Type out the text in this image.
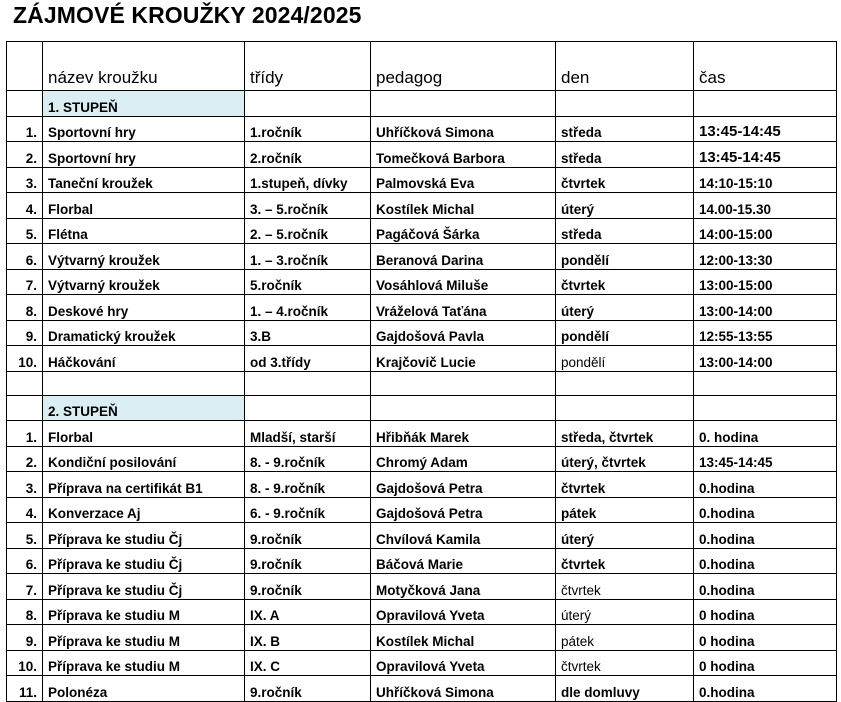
ZÁJMOVÉ KROUŽKY 2024/2025
	název kroužku	třídy	pedagog	den	čas
	1. STUPEŇ				
1.	Sportovní hry	1.ročník	Uhříčková Simona	středa	13:45-14:45
2.	Sportovní hry	2.ročník	Tomečková Barbora	středa	13:45-14:45
3.	Taneční kroužek	1.stupeň, dívky	Palmovská Eva	čtvrtek	14:10-15:10
4.	Florbal	3. – 5.ročník	Kostílek Michal	úterý	14.00-15.30
5.	Flétna	2. – 5.ročník	Pagáčová Šárka	středa	14:00-15:00
6.	Výtvarný kroužek	1. – 3.ročník	Beranová Darina	pondělí	12:00-13:30
7.	Výtvarný kroužek	5.ročník	Vosáhlová Miluše	čtvrtek	13:00-15:00
8.	Deskové hry	1. – 4.ročník	Vráželová Taťána	úterý	13:00-14:00
9.	Dramatický kroužek	3.B	Gajdošová Pavla	pondělí	12:55-13:55
10.	Háčkování	od 3.třídy	Krajčovič Lucie	pondělí	13:00-14:00

	2. STUPEŇ				
1.	Florbal	Mladší, starší	Hřibňák Marek	středa, čtvrtek	0. hodina
2.	Kondiční posilování	8. - 9.ročník	Chromý Adam	úterý, čtvrtek	13:45-14:45
3.	Příprava na certifikát B1	8. - 9.ročník	Gajdošová Petra	čtvrtek	0.hodina
4.	Konverzace Aj	6. - 9.ročník	Gajdošová Petra	pátek	0.hodina
5.	Příprava ke studiu Čj	9.ročník	Chvílová Kamila	úterý	0.hodina
6.	Příprava ke studiu Čj	9.ročník	Báčová Marie	čtvrtek	0.hodina
7.	Příprava ke studiu Čj	9.ročník	Motyčková Jana	čtvrtek	0.hodina
8.	Příprava ke studiu M	IX. A	Opravilová Yveta	úterý	0 hodina
9.	Příprava ke studiu M	IX. B	Kostílek Michal	pátek	0 hodina
10.	Příprava ke studiu M	IX. C	Opravilová Yveta	čtvrtek	0 hodina
11.	Polonéza	9.ročník	Uhříčková Simona	dle domluvy	0.hodina
